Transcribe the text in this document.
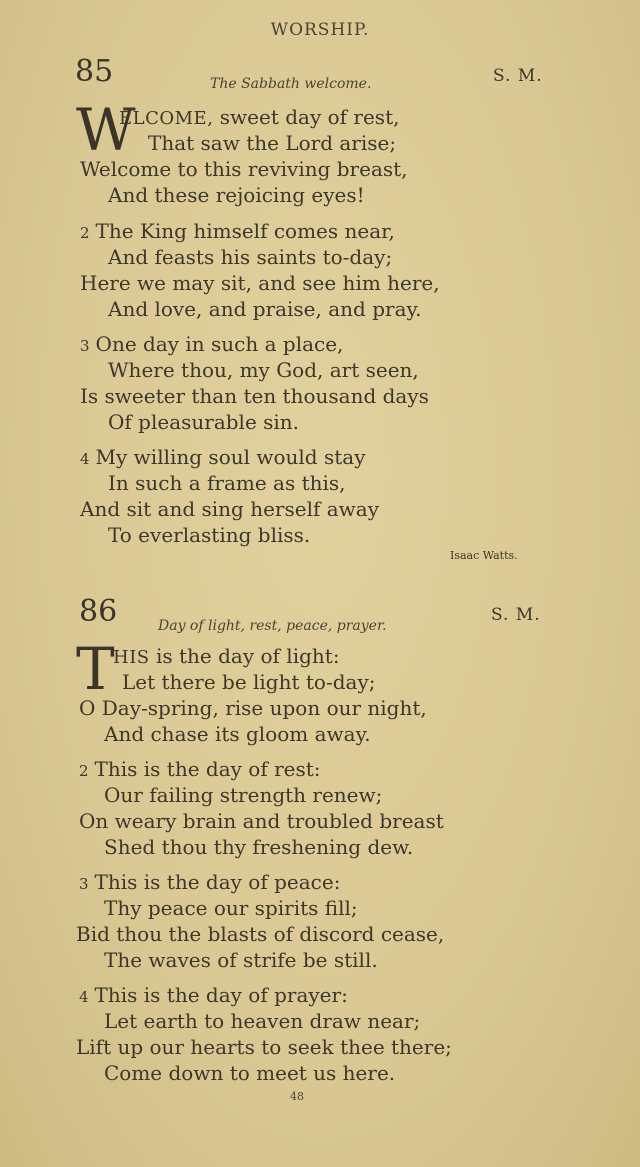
WORSHIP.
85	The Sabbath welcome.	S. M.
W
ELCOME, sweet day of rest,
That saw the Lord arise;
Welcome to this reviving breast,
And these rejoicing eyes!
2 The King himself comes near,
And feasts his saints to-day;
Here we may sit, and see him here,
And love, and praise, and pray.
3 One day in such a place,
Where thou, my God, art seen,
Is sweeter than ten thousand days
Of pleasurable sin.
4 My willing soul would stay
In such a frame as this,
And sit and sing herself away
To everlasting bliss.
Isaac Watts.
86	Day of light, rest, peace, prayer.
S. M.
T
HIS is the day of light:
Let there be light to-day;
O Day-spring, rise upon our night,
And chase its gloom away.
2 This is the day of rest:
Our failing strength renew;
On weary brain and troubled breast
Shed thou thy freshening dew.
3 This is the day of peace:
Thy peace our spirits fill;
Bid thou the blasts of discord cease,
The waves of strife be still.
4 This is the day of prayer:
Let earth to heaven draw near;
Lift up our hearts to seek thee there;
Come down to meet us here.
48
